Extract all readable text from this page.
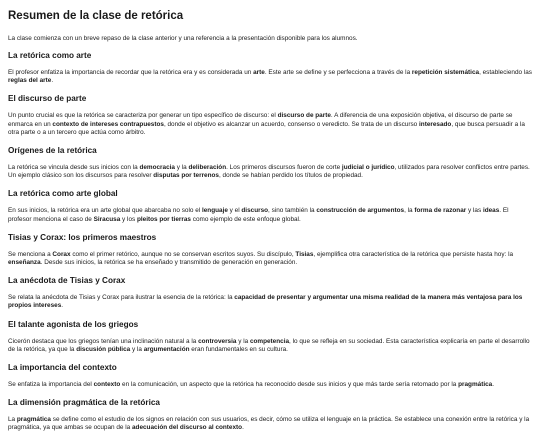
Resumen de la clase de retórica

La clase comienza con un breve repaso de la clase anterior y una referencia a la presentación disponible para los alumnos.

La retórica como arte

El profesor enfatiza la importancia de recordar que la retórica era y es considerada un arte. Este arte se define y se perfecciona a través de la repetición sistemática, estableciendo las reglas del arte.

El discurso de parte

Un punto crucial es que la retórica se caracteriza por generar un tipo específico de discurso: el discurso de parte. A diferencia de una exposición objetiva, el discurso de parte se enmarca en un contexto de intereses contrapuestos, donde el objetivo es alcanzar un acuerdo, consenso o veredicto. Se trata de un discurso interesado, que busca persuadir a la otra parte o a un tercero que actúa como árbitro.

Orígenes de la retórica

La retórica se vincula desde sus inicios con la democracia y la deliberación. Los primeros discursos fueron de corte judicial o jurídico, utilizados para resolver conflictos entre partes. Un ejemplo clásico son los discursos para resolver disputas por terrenos, donde se habían perdido los títulos de propiedad.

La retórica como arte global

En sus inicios, la retórica era un arte global que abarcaba no solo el lenguaje y el discurso, sino también la construcción de argumentos, la forma de razonar y las ideas. El profesor menciona el caso de Siracusa y los pleitos por tierras como ejemplo de este enfoque global.

Tisias y Corax: los primeros maestros

Se menciona a Corax como el primer retórico, aunque no se conservan escritos suyos. Su discípulo, Tisias, ejemplifica otra característica de la retórica que persiste hasta hoy: la enseñanza. Desde sus inicios, la retórica se ha enseñado y transmitido de generación en generación.

La anécdota de Tisias y Corax

Se relata la anécdota de Tisias y Corax para ilustrar la esencia de la retórica: la capacidad de presentar y argumentar una misma realidad de la manera más ventajosa para los propios intereses.

El talante agonista de los griegos

Cicerón destaca que los griegos tenían una inclinación natural a la controversia y la competencia, lo que se refleja en su sociedad. Esta característica explicaría en parte el desarrollo de la retórica, ya que la discusión pública y la argumentación eran fundamentales en su cultura.

La importancia del contexto

Se enfatiza la importancia del contexto en la comunicación, un aspecto que la retórica ha reconocido desde sus inicios y que más tarde sería retomado por la pragmática.

La dimensión pragmática de la retórica

La pragmática se define como el estudio de los signos en relación con sus usuarios, es decir, cómo se utiliza el lenguaje en la práctica. Se establece una conexión entre la retórica y la pragmática, ya que ambas se ocupan de la adecuación del discurso al contexto.
